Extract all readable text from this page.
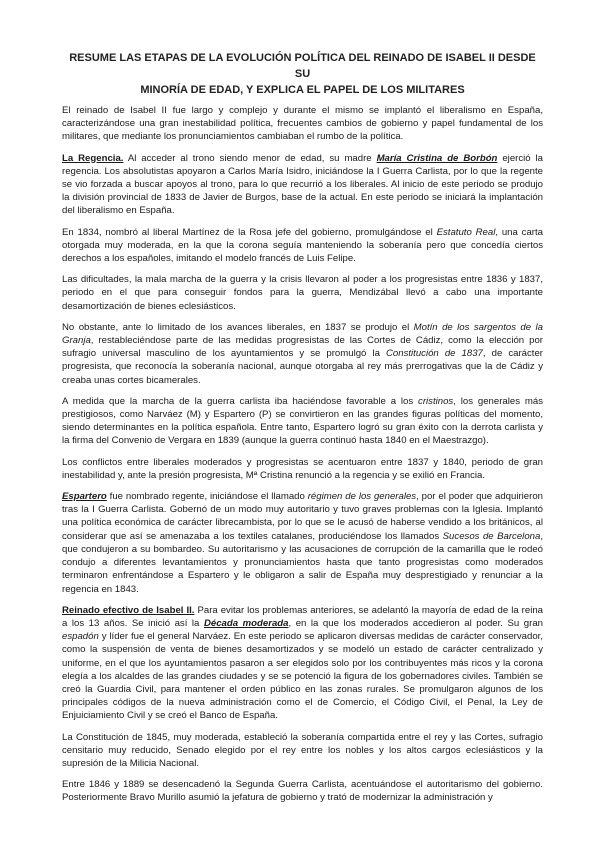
RESUME LAS ETAPAS DE LA EVOLUCIÓN POLÍTICA DEL REINADO DE ISABEL II DESDE SU
MINORÍA DE EDAD, Y EXPLICA EL PAPEL DE LOS MILITARES

El reinado de Isabel II fue largo y complejo y durante el mismo se implantó el liberalismo en España, caracterizándose una gran inestabilidad política, frecuentes cambios de gobierno y papel fundamental de los militares, que mediante los pronunciamientos cambiaban el rumbo de la política.

La Regencia. Al acceder al trono siendo menor de edad, su madre María Cristina de Borbón ejerció la regencia. Los absolutistas apoyaron a Carlos María Isidro, iniciándose la I Guerra Carlista, por lo que la regente se vio forzada a buscar apoyos al trono, para lo que recurrió a los liberales. Al inicio de este periodo se produjo la división provincial de 1833 de Javier de Burgos, base de la actual. En este periodo se iniciará la implantación del liberalismo en España.

En 1834, nombró al liberal Martínez de la Rosa jefe del gobierno, promulgándose el Estatuto Real, una carta otorgada muy moderada, en la que la corona seguía manteniendo la soberanía pero que concedía ciertos derechos a los españoles, imitando el modelo francés de Luis Felipe.

Las dificultades, la mala marcha de la guerra y la crisis llevaron al poder a los progresistas entre 1836 y 1837, periodo en el que para conseguir fondos para la guerra, Mendizábal llevó a cabo una importante desamortización de bienes eclesiásticos.

No obstante, ante lo limitado de los avances liberales, en 1837 se produjo el Motín de los sargentos de la Granja, restableciéndose parte de las medidas progresistas de las Cortes de Cádiz, como la elección por sufragio universal masculino de los ayuntamientos y se promulgó la Constitución de 1837, de carácter progresista, que reconocía la soberanía nacional, aunque otorgaba al rey más prerrogativas que la de Cádiz y creaba unas cortes bicamerales.

A medida que la marcha de la guerra carlista iba haciéndose favorable a los cristinos, los generales más prestigiosos, como Narváez (M) y Espartero (P) se convirtieron en las grandes figuras políticas del momento, siendo determinantes en la política española. Entre tanto, Espartero logró su gran éxito con la derrota carlista y la firma del Convenio de Vergara en 1839 (aunque la guerra continuó hasta 1840 en el Maestrazgo).

Los conflictos entre liberales moderados y progresistas se acentuaron entre 1837 y 1840, periodo de gran inestabilidad y, ante la presión progresista, Mª Cristina renunció a la regencia y se exilió en Francia.

Espartero fue nombrado regente, iniciándose el llamado régimen de los generales, por el poder que adquirieron tras la I Guerra Carlista. Gobernó de un modo muy autoritario y tuvo graves problemas con la Iglesia. Implantó una política económica de carácter librecambista, por lo que se le acusó de haberse vendido a los británicos, al considerar que así se amenazaba a los textiles catalanes, produciéndose los llamados Sucesos de Barcelona, que condujeron a su bombardeo. Su autoritarismo y las acusaciones de corrupción de la camarilla que le rodeó condujo a diferentes levantamientos y pronunciamientos hasta que tanto progresistas como moderados terminaron enfrentándose a Espartero y le obligaron a salir de España muy desprestigiado y renunciar a la regencia en 1843.

Reinado efectivo de Isabel II. Para evitar los problemas anteriores, se adelantó la mayoría de edad de la reina a los 13 años. Se inició así la Década moderada, en la que los moderados accedieron al poder. Su gran espadón y líder fue el general Narváez. En este periodo se aplicaron diversas medidas de carácter conservador, como la suspensión de venta de bienes desamortizados y se modeló un estado de carácter centralizado y uniforme, en el que los ayuntamientos pasaron a ser elegidos solo por los contribuyentes más ricos y la corona elegía a los alcaldes de las grandes ciudades y se se potenció la figura de los gobernadores civiles. También se creó la Guardia Civil, para mantener el orden público en las zonas rurales. Se promulgaron algunos de los principales códigos de la nueva administración como el de Comercio, el Código Civil, el Penal, la Ley de Enjuiciamiento Civil y se creó el Banco de España.

La Constitución de 1845, muy moderada, estableció la soberanía compartida entre el rey y las Cortes, sufragio censitario muy reducido, Senado elegido por el rey entre los nobles y los altos cargos eclesiásticos y la supresión de la Milicia Nacional.

Entre 1846 y 1889 se desencadenó la Segunda Guerra Carlista, acentuándose el autoritarismo del gobierno. Posteriormente Bravo Murillo asumió la jefatura de gobierno y trató de modernizar la administración y
